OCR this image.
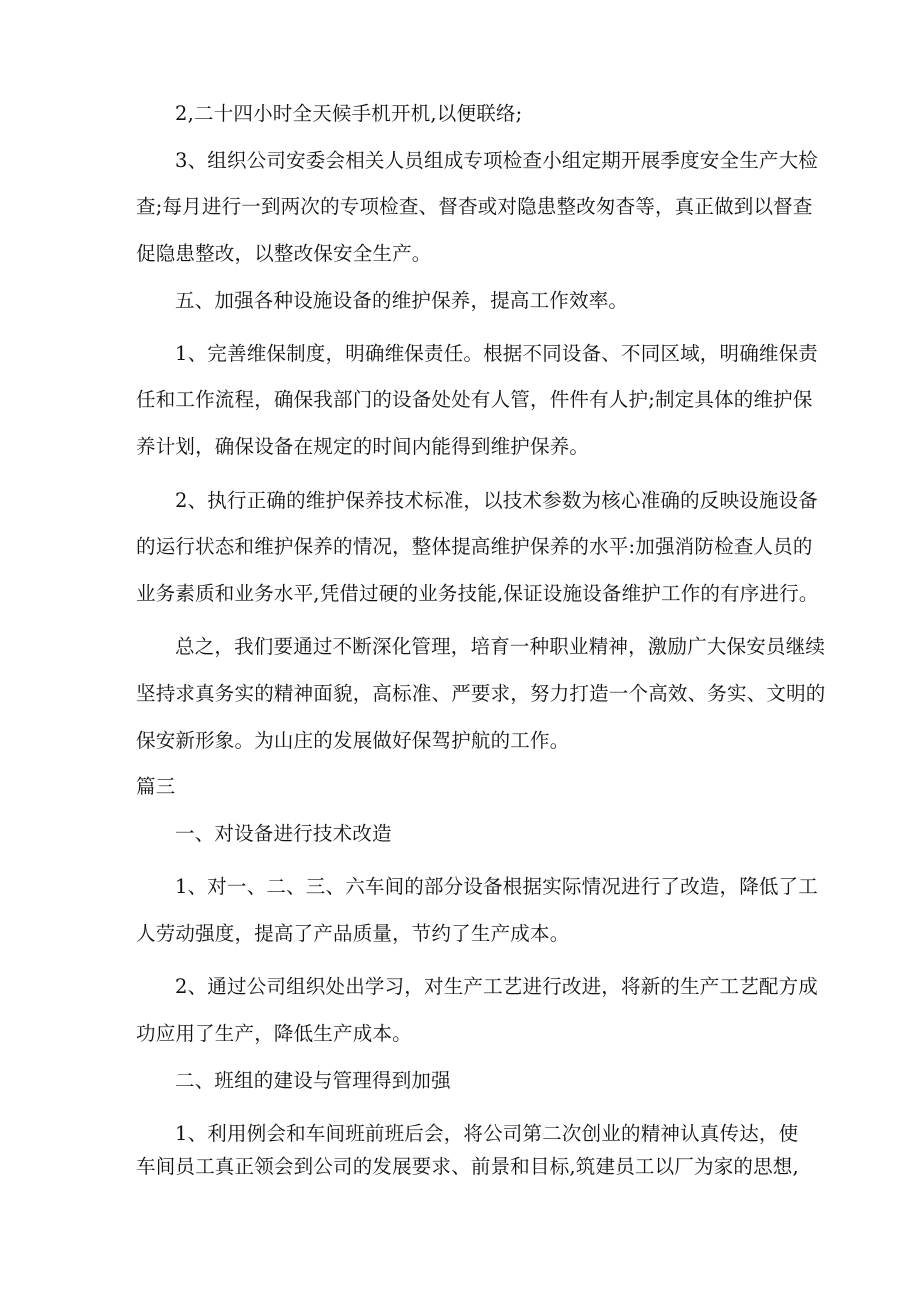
2,二十四小时全天候手机开机,以便联络;
3、组织公司安委会相关人员组成专项检查小组定期开展季度安全生产大检
查;每月进行一到两次的专项检查、督杳或对隐患整改匆杳等，真正做到以督查
促隐患整改，以整改保安全生产。
五、加强各种设施设备的维护保养，提高工作效率。
1、完善维保制度，明确维保责任。根据不同设备、不同区域，明确维保责
任和工作流程，确保我部门的设备处处有人管，件件有人护;制定具体的维护保
养计划，确保设备在规定的时间内能得到维护保养。
2、执行正确的维护保养技术标准，以技术参数为核心准确的反映设施设备
的运行状态和维护保养的情况，整体提高维护保养的水平:加强消防检查人员的
业务素质和业务水平,凭借过硬的业务技能,保证设施设备维护工作的有序进行。
总之，我们要通过不断深化管理，培育一种职业精神，激励广大保安员继续
坚持求真务实的精神面貌，高标准、严要求，努力打造一个高效、务实、文明的
保安新形象。为山庄的发展做好保驾护航的工作。
篇三
一、对设备进行技术改造
1、对一、二、三、六车间的部分设备根据实际情况进行了改造，降低了工
人劳动强度，提高了产品质量，节约了生产成本。
2、通过公司组织处出学习，对生产工艺进行改进，将新的生产工艺配方成
功应用了生产，降低生产成本。
二、班组的建设与管理得到加强
1、利用例会和车间班前班后会，将公司第二次创业的精神认真传达，使
车间员工真正领会到公司的发展要求、前景和目标,筑建员工以厂为家的思想,
